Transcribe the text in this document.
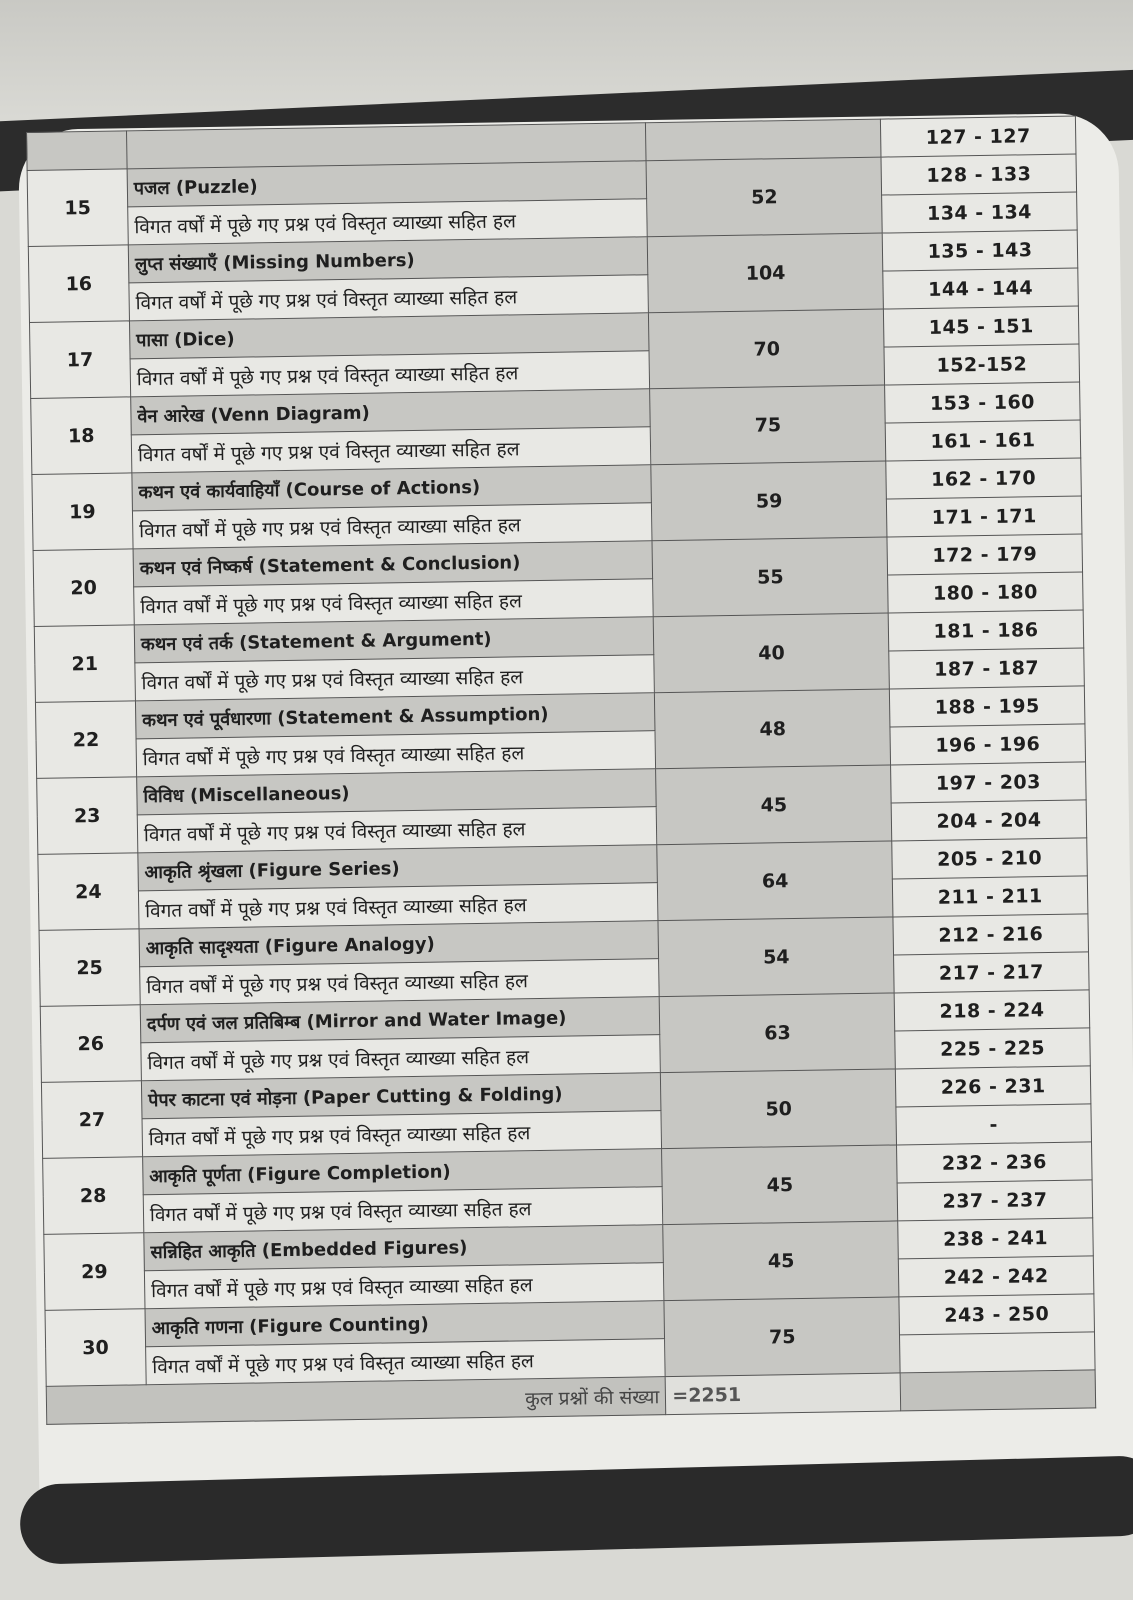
			127 - 127
15	पजल (Puzzle)	52	128 - 133
	विगत वर्षों में पूछे गए प्रश्न एवं विस्तृत व्याख्या सहित हल		134 - 134
16	लुप्त संख्याएँ (Missing Numbers)	104	135 - 143
	विगत वर्षों में पूछे गए प्रश्न एवं विस्तृत व्याख्या सहित हल		144 - 144
17	पासा (Dice)	70	145 - 151
	विगत वर्षों में पूछे गए प्रश्न एवं विस्तृत व्याख्या सहित हल		152-152
18	वेन आरेख (Venn Diagram)	75	153 - 160
	विगत वर्षों में पूछे गए प्रश्न एवं विस्तृत व्याख्या सहित हल		161 - 161
19	कथन एवं कार्यवाहियाँ (Course of Actions)	59	162 - 170
	विगत वर्षों में पूछे गए प्रश्न एवं विस्तृत व्याख्या सहित हल		171 - 171
20	कथन एवं निष्कर्ष (Statement & Conclusion)	55	172 - 179
	विगत वर्षों में पूछे गए प्रश्न एवं विस्तृत व्याख्या सहित हल		180 - 180
21	कथन एवं तर्क (Statement & Argument)	40	181 - 186
	विगत वर्षों में पूछे गए प्रश्न एवं विस्तृत व्याख्या सहित हल		187 - 187
22	कथन एवं पूर्वधारणा (Statement & Assumption)	48	188 - 195
	विगत वर्षों में पूछे गए प्रश्न एवं विस्तृत व्याख्या सहित हल		196 - 196
23	विविध (Miscellaneous)	45	197 - 203
	विगत वर्षों में पूछे गए प्रश्न एवं विस्तृत व्याख्या सहित हल		204 - 204
24	आकृति श्रृंखला (Figure Series)	64	205 - 210
	विगत वर्षों में पूछे गए प्रश्न एवं विस्तृत व्याख्या सहित हल		211 - 211
25	आकृति सादृश्यता (Figure Analogy)	54	212 - 216
	विगत वर्षों में पूछे गए प्रश्न एवं विस्तृत व्याख्या सहित हल		217 - 217
26	दर्पण एवं जल प्रतिबिम्ब (Mirror and Water Image)	63	218 - 224
	विगत वर्षों में पूछे गए प्रश्न एवं विस्तृत व्याख्या सहित हल		225 - 225
27	पेपर काटना एवं मोड़ना (Paper Cutting & Folding)	50	226 - 231
	विगत वर्षों में पूछे गए प्रश्न एवं विस्तृत व्याख्या सहित हल		-
28	आकृति पूर्णता (Figure Completion)	45	232 - 236
	विगत वर्षों में पूछे गए प्रश्न एवं विस्तृत व्याख्या सहित हल		237 - 237
29	सन्निहित आकृति (Embedded Figures)	45	238 - 241
	विगत वर्षों में पूछे गए प्रश्न एवं विस्तृत व्याख्या सहित हल		242 - 242
30	आकृति गणना (Figure Counting)	75	243 - 250
	विगत वर्षों में पूछे गए प्रश्न एवं विस्तृत व्याख्या सहित हल		
कुल प्रश्नों की संख्या		=2251	
